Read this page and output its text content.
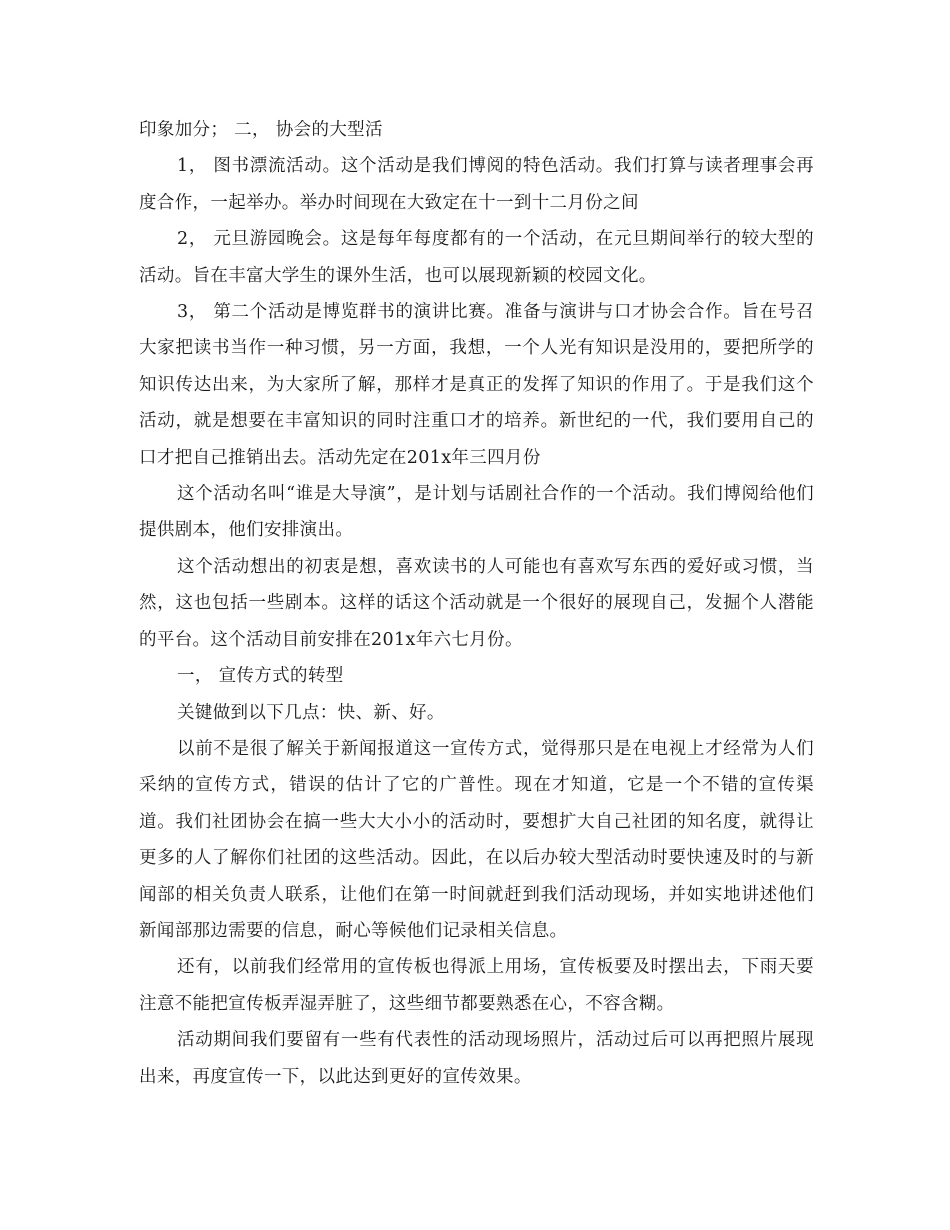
印象加分； 二， 协会的大型活

1， 图书漂流活动。这个活动是我们博阅的特色活动。我们打算与读者理事会再度合作，一起举办。举办时间现在大致定在十一到十二月份之间

2， 元旦游园晚会。这是每年每度都有的一个活动，在元旦期间举行的较大型的活动。旨在丰富大学生的课外生活，也可以展现新颖的校园文化。

3， 第二个活动是博览群书的演讲比赛。准备与演讲与口才协会合作。旨在号召大家把读书当作一种习惯，另一方面，我想，一个人光有知识是没用的，要把所学的知识传达出来，为大家所了解，那样才是真正的发挥了知识的作用了。于是我们这个活动，就是想要在丰富知识的同时注重口才的培养。新世纪的一代，我们要用自己的口才把自己推销出去。活动先定在201x年三四月份

这个活动名叫“谁是大导演”，是计划与话剧社合作的一个活动。我们博阅给他们提供剧本，他们安排演出。

这个活动想出的初衷是想，喜欢读书的人可能也有喜欢写东西的爱好或习惯，当然，这也包括一些剧本。这样的话这个活动就是一个很好的展现自己，发掘个人潜能的平台。这个活动目前安排在201x年六七月份。

一， 宣传方式的转型

关键做到以下几点：快、新、好。

以前不是很了解关于新闻报道这一宣传方式，觉得那只是在电视上才经常为人们采纳的宣传方式，错误的估计了它的广普性。现在才知道，它是一个不错的宣传渠道。我们社团协会在搞一些大大小小的活动时，要想扩大自己社团的知名度，就得让更多的人了解你们社团的这些活动。因此，在以后办较大型活动时要快速及时的与新闻部的相关负责人联系，让他们在第一时间就赶到我们活动现场，并如实地讲述他们新闻部那边需要的信息，耐心等候他们记录相关信息。

还有，以前我们经常用的宣传板也得派上用场，宣传板要及时摆出去，下雨天要注意不能把宣传板弄湿弄脏了，这些细节都要熟悉在心，不容含糊。

活动期间我们要留有一些有代表性的活动现场照片，活动过后可以再把照片展现出来，再度宣传一下，以此达到更好的宣传效果。
